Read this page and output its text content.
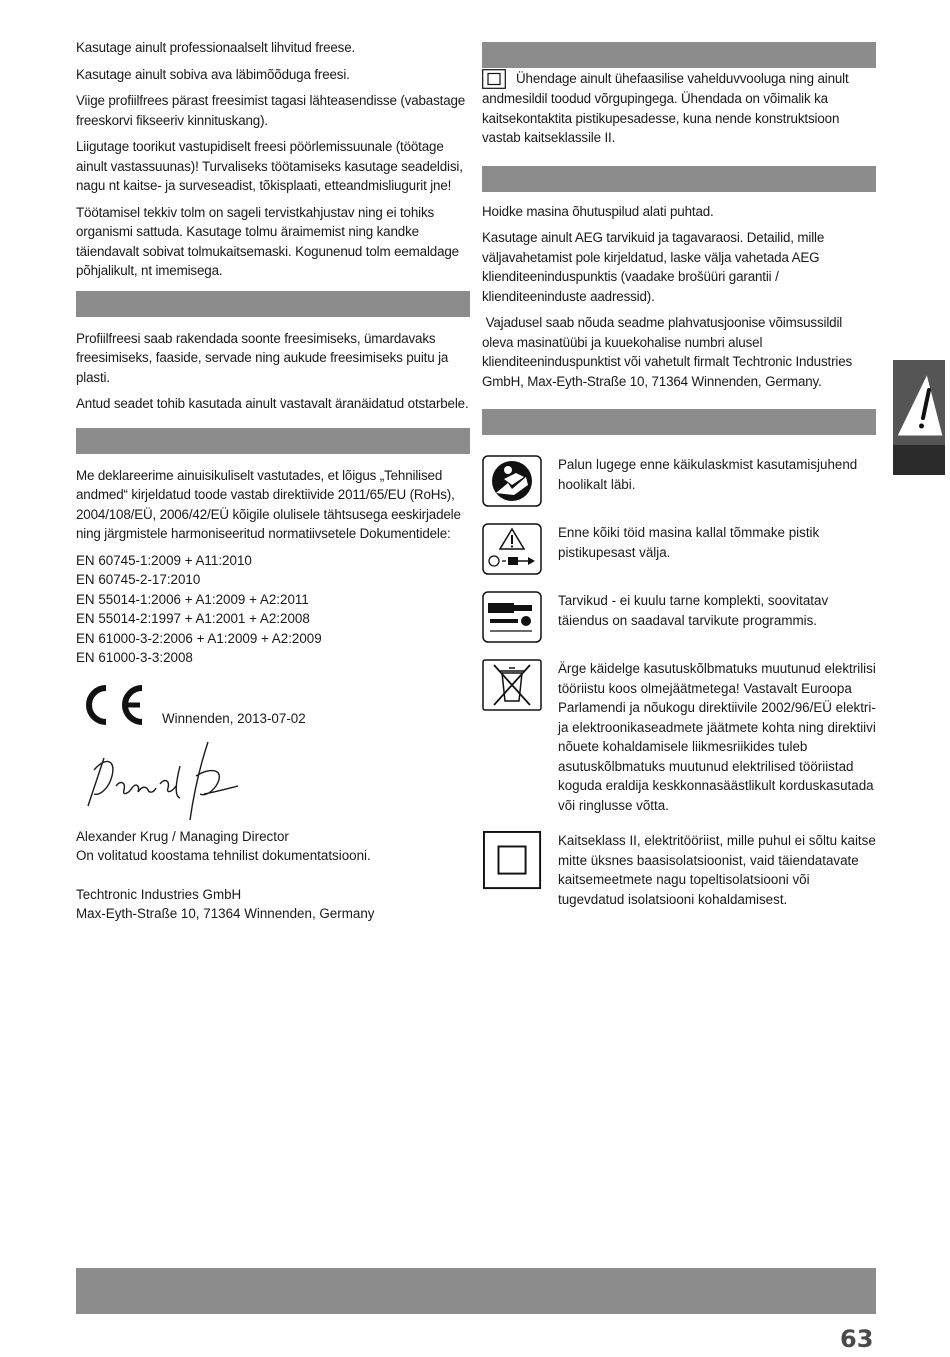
Kasutage ainult professionaalselt lihvitud freese.

Kasutage ainult sobiva ava läbimõõduga freesi.

Viige profiilfrees pärast freesimist tagasi lähteasendisse (vabastage freeskorvi fikseeriv kinnituskang).

Liigutage toorikut vastupidiselt freesi pöörlemissuunale (töötage ainult vastassuunas)! Turvaliseks töötamiseks kasutage seadeldisi, nagu nt kaitse- ja surveseadist, tõkisplaati, etteandmisliugurit jne!

Töötamisel tekkiv tolm on sageli tervistkahjustav ning ei tohiks organismi sattuda. Kasutage tolmu äraimemist ning kandke täiendavalt sobivat tolmukaitsemaski. Kogunenud tolm eemaldage põhjalikult, nt imemisega.

Profiilfreesi saab rakendada soonte freesimiseks, ümardavaks freesimiseks, faaside, servade ning aukude freesimiseks puitu ja plasti.

Antud seadet tohib kasutada ainult vastavalt äranäidatud otstarbele.

Me deklareerime ainuisikuliselt vastutades, et lõigus „Tehnilised andmed“ kirjeldatud toode vastab direktiivide 2011/65/EU (RoHs), 2004/108/EÜ, 2006/42/EÜ kõigile olulisele tähtsusega eeskirjadele ning järgmistele harmoniseeritud normatiivsetele Dokumentidele:

EN 60745-1:2009 + A11:2010

EN 60745-2-17:2010

EN 55014-1:2006 + A1:2009 + A2:2011

EN 55014-2:1997 + A1:2001 + A2:2008

EN 61000-3-2:2006 + A1:2009 + A2:2009

EN 61000-3-3:2008

Winnenden, 2013-07-02

Alexander Krug / Managing Director

On volitatud koostama tehnilist dokumentatsiooni.

Techtronic Industries GmbH

Max-Eyth-Straße 10, 71364 Winnenden, Germany

Ühendage ainult ühefaasilise vahelduvvooluga ning ainult andmesildil toodud võrgupingega. Ühendada on võimalik ka kaitsekontaktita pistikupesadesse, kuna nende konstruktsioon vastab kaitseklassile II.

Hoidke masina õhutuspilud alati puhtad.

Kasutage ainult AEG tarvikuid ja tagavaraosi. Detailid, mille väljavahetamist pole kirjeldatud, laske välja vahetada AEG klienditeeninduspunktis (vaadake brošüüri garantii / klienditeeninduste aadressid).

Vajadusel saab nõuda seadme plahvatusjoonise võimsussildil oleva masinatüübi ja kuuekohalise numbri alusel klienditeeninduspunktist või vahetult firmalt Techtronic Industries GmbH, Max-Eyth-Straße 10, 71364 Winnenden, Germany.

Palun lugege enne käikulaskmist kasutamisjuhend hoolikalt läbi.

Enne kõiki töid masina kallal tõmmake pistik pistikupesast välja.

Tarvikud - ei kuulu tarne komplekti, soovitatav täiendus on saadaval tarvikute programmis.

Ärge käidelge kasutuskõlbmatuks muutunud elektrilisi tööriistu koos olmejäätmetega! Vastavalt Euroopa Parlamendi ja nõukogu direktiivile 2002/96/EÜ elektri- ja elektroonikaseadmete jäätmete kohta ning direktiivi nõuete kohaldamisele liikmesriikides tuleb asutuskõlbmatuks muutunud elektrilised tööriistad koguda eraldija keskkonnasäästlikult korduskasutada või ringlusse võtta.

Kaitseklass II, elektritööriist, mille puhul ei sõltu kaitse mitte üksnes baasisolatsioonist, vaid täiendatavate kaitsemeetmete nagu topeltisolatsiooni või tugevdatud isolatsiooni kohaldamisest.

63
